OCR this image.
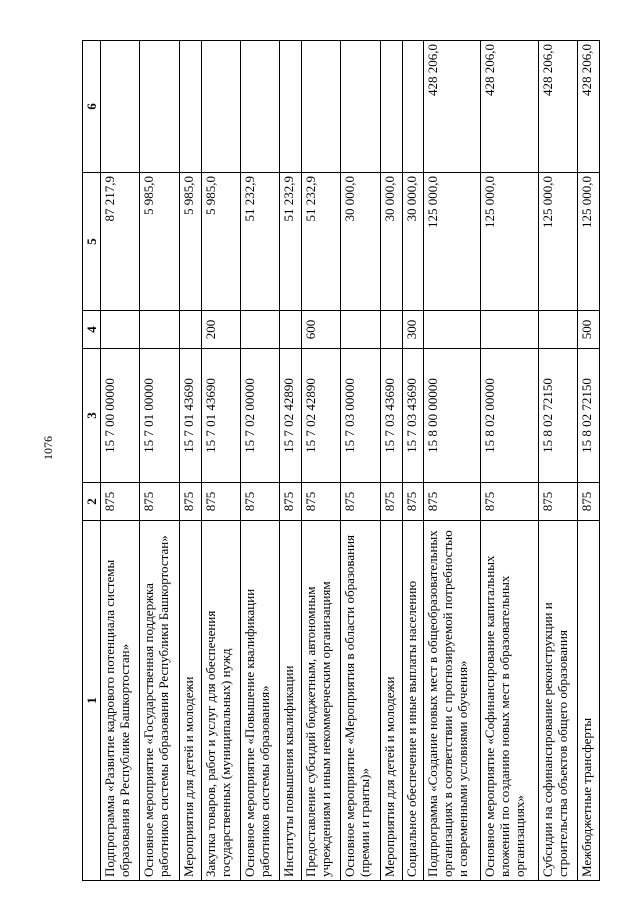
1076
1	2	3	4	5	6
Подпрограмма «Развитие кадрового потенциала системы образования в Республике Башкортостан»	875	15 7 00 00000		87 217,9	
Основное мероприятие «Государственная поддержка работников системы образования Республики Башкортостан»	875	15 7 01 00000		5 985,0	
Мероприятия для детей и молодежи	875	15 7 01 43690		5 985,0	
Закупка товаров, работ и услуг для обеспечения государственных (муниципальных) нужд	875	15 7 01 43690	200	5 985,0	
Основное мероприятие «Повышение квалификации работников системы образования»	875	15 7 02 00000		51 232,9	
Институты повышения квалификации	875	15 7 02 42890		51 232,9	
Предоставление субсидий бюджетным, автономным учреждениям и иным некоммерческим организациям	875	15 7 02 42890	600	51 232,9	
Основное мероприятие «Мероприятия в области образования (премии и гранты)»	875	15 7 03 00000		30 000,0	
Мероприятия для детей и молодежи	875	15 7 03 43690		30 000,0	
Социальное обеспечение и иные выплаты населению	875	15 7 03 43690	300	30 000,0	
Подпрограмма «Создание новых мест в общеобразовательных организациях в соответствии с прогнозируемой потребностью и современными условиями обучения»	875	15 8 00 00000		125 000,0	428 206,0
Основное мероприятие «Софинансирование капитальных вложений по созданию новых мест в образовательных организациях»	875	15 8 02 00000		125 000,0	428 206,0
Субсидии на софинансирование реконструкции и строительства объектов общего образования	875	15 8 02 72150		125 000,0	428 206,0
Межбюджетные трансферты	875	15 8 02 72150	500	125 000,0	428 206,0
